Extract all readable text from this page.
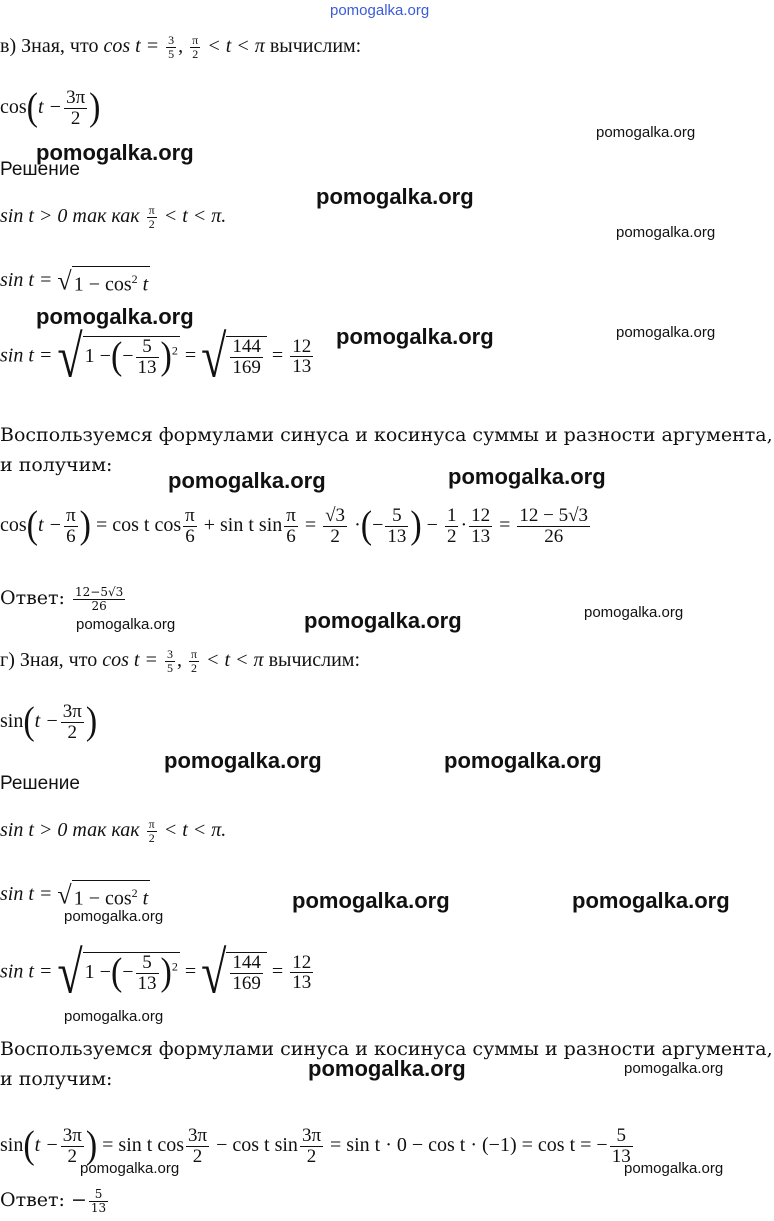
pomogalka.org
в) Зная, что $\cos t = \frac{3}{5}$ , $\frac{\pi}{2} < t < \pi$ вычислим:
$\cos(t - \frac{3\pi}{2}$ )
Решение
sin t > 0 так как $\frac{\pi}{2} < t < \pi$.
sin t = √ $1 - \cos^2 t$
sin t = √ 1 −(− $\frac{5}{13} )^2$ = √ $\frac{144}{169} = \frac{12}{13}$
Воспользуемся формулами синуса и косинуса суммы и разности аргумента, и получим:
$\cos(t - \frac{\pi}{6}$ ) = cos t $\cos \frac{\pi}{6} + \sin t$ $\sin \frac{\pi}{6} = \frac{√3}{2}$ ·(− $\frac{5}{13}$ ) − $\frac{1}{2} \cdot \frac{12}{13} = \frac{12 - 5√3}{26}$
Ответ: $\frac{12-5√3}{26}$
г) Зная, что $\cos t = \frac{3}{5}$ , $\frac{\pi}{2} < t < \pi$ вычислим:
$\sin(t - \frac{3\pi}{2}$ )
Решение
sin t > 0 так как $\frac{\pi}{2} < t < \pi$.
sin t = √ $1 - \cos^2 t$
sin t = √ 1 −(− $\frac{5}{13} )^2$ = √ $\frac{144}{169} = \frac{12}{13}$
Воспользуемся формулами синуса и косинуса суммы и разности аргумента, и получим:
$\sin(t - \frac{3\pi}{2}$ ) = sin t $\cos \frac{3\pi}{2} - \cos t$ $\sin \frac{3\pi}{2} = \sin t \cdot 0 - \cos t \cdot (-1) = \cos t$ = − $\frac{5}{13}$
Ответ: − $\frac{5}{13}$
pomogalka.org
pomogalka.org
pomogalka.org
pomogalka.org
pomogalka.org
pomogalka.org	pomogalka.org
pomogalka.org	pomogalka.org
pomogalka.org	pomogalka.org	pomogalka.org
pomogalka.org	pomogalka.org
pomogalka.org	pomogalka.org
pomogalka.org
pomogalka.org
pomogalka.org	pomogalka.org
pomogalka.org	pomogalka.org
